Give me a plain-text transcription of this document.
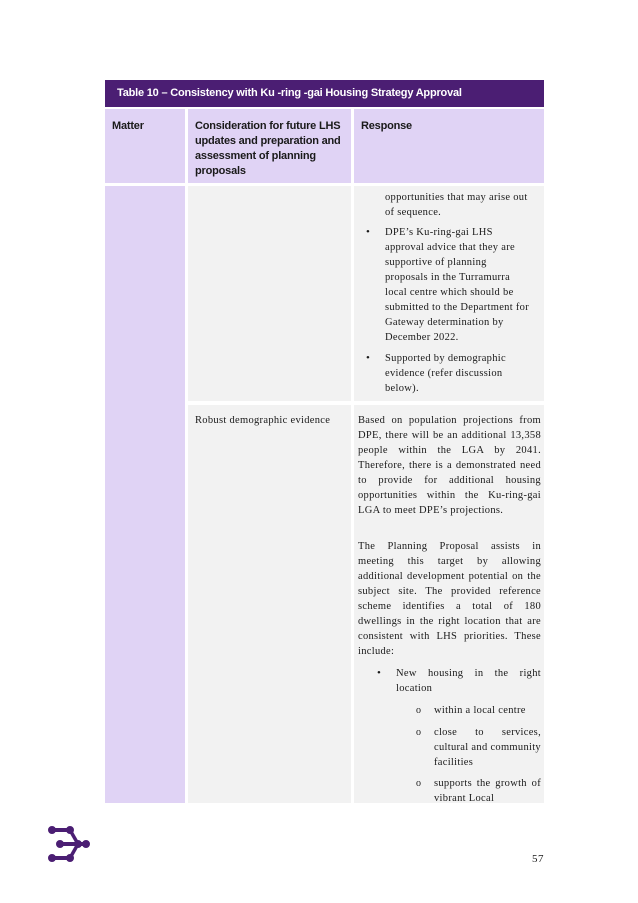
Table 10 – Consistency with Ku -ring -gai Housing Strategy Approval
Matter	Consideration for future LHS updates and preparation and assessment of planning proposals
Response
opportunities that may arise out of sequence.
• DPE’s Ku-ring-gai LHS approval advice that they are supportive of planning proposals in the Turramurra local centre which should be submitted to the Department for Gateway determination by December 2022.
• Supported by demographic evidence (refer discussion below).
Robust demographic evidence	Based on population projections from DPE, there will be an additional 13,358 people within the LGA by 2041. Therefore, there is a demonstrated need to provide for additional housing opportunities within the Ku-ring-gai LGA to meet DPE’s projections.
The Planning Proposal assists in meeting this target by allowing additional development potential on the subject site. The provided reference scheme identifies a total of 180 dwellings in the right location that are consistent with LHS priorities. These include:
• New housing in the right location
o within a local centre
o close to services, cultural and community facilities
o supports the growth of vibrant Local
57
